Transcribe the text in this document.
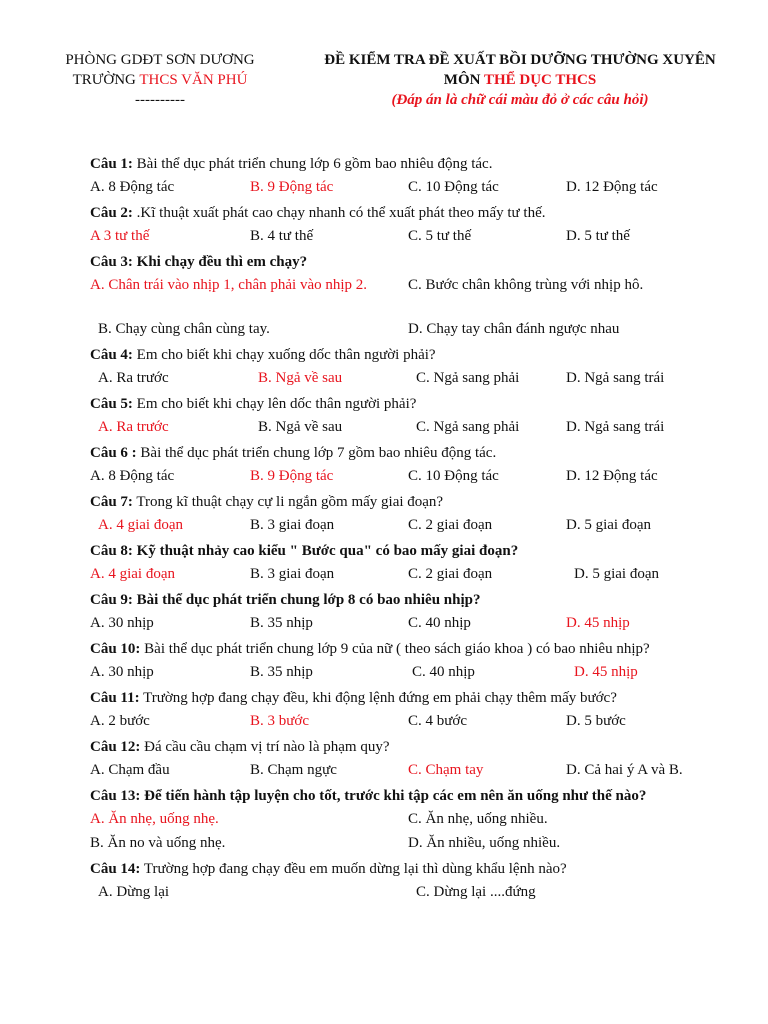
PHÒNG GDĐT SƠN DƯƠNG
TRƯỜNG THCS VĂN PHÚ
----------
ĐỀ KIỂM TRA ĐỀ XUẤT BỒI DƯỠNG THƯỜNG XUYÊN
MÔN THỂ DỤC THCS
(Đáp án là chữ cái màu đỏ ở các câu hỏi)
Câu 1: Bài thể dục phát triển chung lớp 6 gồm bao nhiêu động tác.
A. 8 Động tác	B. 9 Động tác	C. 10 Động tác	D. 12 Động tác
Câu 2: .Kĩ thuật xuất phát cao chạy nhanh có thể xuất phát theo mấy tư thế.
A 3 tư thế	B. 4 tư thế	C. 5 tư thế	D. 5 tư thế
Câu 3: Khi chạy đều thì em chạy?
A. Chân trái vào nhịp 1, chân phải vào nhịp 2.	C. Bước chân không trùng với nhịp hô.
B. Chạy cùng chân cùng tay.	D. Chạy tay chân đánh ngược nhau
Câu 4: Em cho biết khi chạy xuống dốc thân người phải?
A. Ra trước	B. Ngả về sau	C. Ngả sang phải	D. Ngả sang trái
Câu 5: Em cho biết khi chạy lên dốc thân người phải?
A. Ra trước	B. Ngả về sau	C. Ngả sang phải	D. Ngả sang trái
Câu 6 : Bài thể dục phát triển chung lớp 7 gồm bao nhiêu động tác.
A. 8 Động tác	B. 9 Động tác	C. 10 Động tác	D. 12 Động tác
Câu 7: Trong kĩ thuật chạy cự li ngắn gồm mấy giai đoạn?
A. 4 giai đoạn	B. 3 giai đoạn	C. 2 giai đoạn	D. 5 giai đoạn
Câu 8: Kỹ thuật nhảy cao kiểu " Bước qua" có bao mấy giai đoạn?
A. 4 giai đoạn	B. 3 giai đoạn	C. 2 giai đoạn	D. 5 giai đoạn
Câu 9: Bài thể dục phát triển chung lớp 8 có bao nhiêu nhịp?
A. 30 nhịp	B. 35 nhịp	C. 40 nhịp	D. 45 nhịp
Câu 10: Bài thể dục phát triển chung lớp 9 của nữ ( theo sách giáo khoa ) có bao nhiêu nhịp?
A. 30 nhịp	B. 35 nhịp	C. 40 nhịp	D. 45 nhịp
Câu 11: Trường hợp đang chạy đều, khi động lệnh đứng em phải chạy thêm mấy bước?
A. 2 bước	B. 3 bước	C. 4 bước	D. 5 bước
Câu 12: Đá cầu cầu chạm vị trí nào là phạm quy?
A. Chạm đầu	B. Chạm ngực	C. Chạm tay	D. Cả hai ý A và B.
Câu 13: Để tiến hành tập luyện cho tốt, trước khi tập các em nên ăn uống như thế nào?
A. Ăn nhẹ, uống nhẹ.	C. Ăn nhẹ, uống nhiều.
B. Ăn no và uống nhẹ.	D. Ăn nhiều, uống nhiều.
Câu 14: Trường hợp đang chạy đều em muốn dừng lại thì dùng khẩu lệnh nào?
A. Dừng lại	C. Dừng lại ....đứng
